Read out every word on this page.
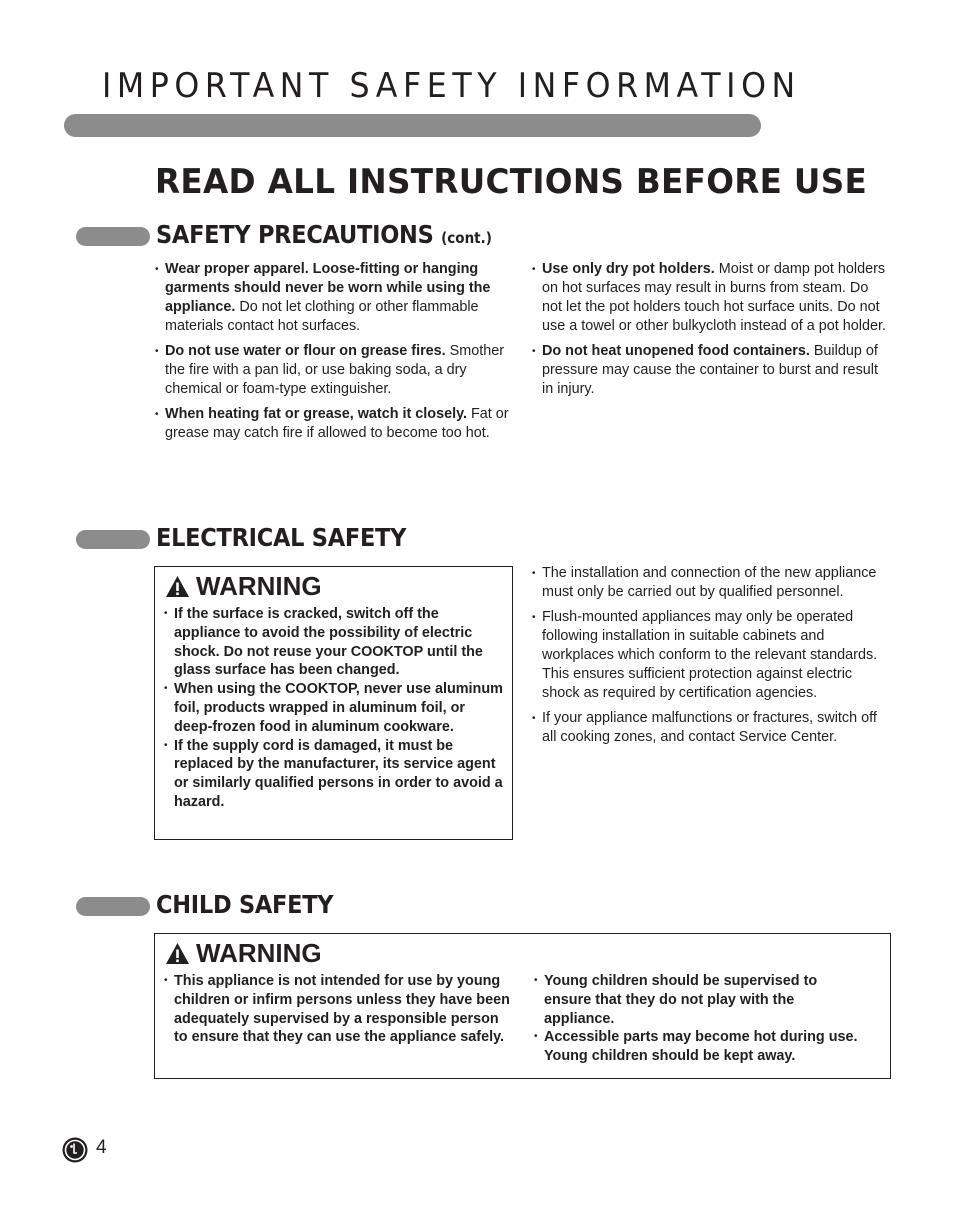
IMPORTANT SAFETY INFORMATION
READ ALL INSTRUCTIONS BEFORE USE
SAFETY PRECAUTIONS (cont.)
• Wear proper apparel. Loose-fitting or hanging garments should never be worn while using the appliance. Do not let clothing or other flammable materials contact hot surfaces.
• Do not use water or flour on grease fires. Smother the fire with a pan lid, or use baking soda, a dry chemical or foam-type extinguisher.
• When heating fat or grease, watch it closely. Fat or grease may catch fire if allowed to become too hot.
• Use only dry pot holders. Moist or damp pot holders on hot surfaces may result in burns from steam. Do not let the pot holders touch hot surface units. Do not use a towel or other bulkycloth instead of a pot holder.
• Do not heat unopened food containers. Buildup of pressure may cause the container to burst and result in injury.
ELECTRICAL SAFETY
WARNING
• If the surface is cracked, switch off the appliance to avoid the possibility of electric shock. Do not reuse your COOKTOP until the glass surface has been changed.
• When using the COOKTOP, never use aluminum foil, products wrapped in aluminum foil, or deep-frozen food in aluminum cookware.
• If the supply cord is damaged, it must be replaced by the manufacturer, its service agent or similarly qualified persons in order to avoid a hazard.
• The installation and connection of the new appliance must only be carried out by qualified personnel.
• Flush-mounted appliances may only be operated following installation in suitable cabinets and workplaces which conform to the relevant standards. This ensures sufficient protection against electric shock as required by certification agencies.
• If your appliance malfunctions or fractures, switch off all cooking zones, and contact Service Center.
CHILD SAFETY
WARNING
• This appliance is not intended for use by young children or infirm persons unless they have been adequately supervised by a responsible person to ensure that they can use the appliance safely.
• Young children should be supervised to ensure that they do not play with the appliance.
• Accessible parts may become hot during use. Young children should be kept away.
4
